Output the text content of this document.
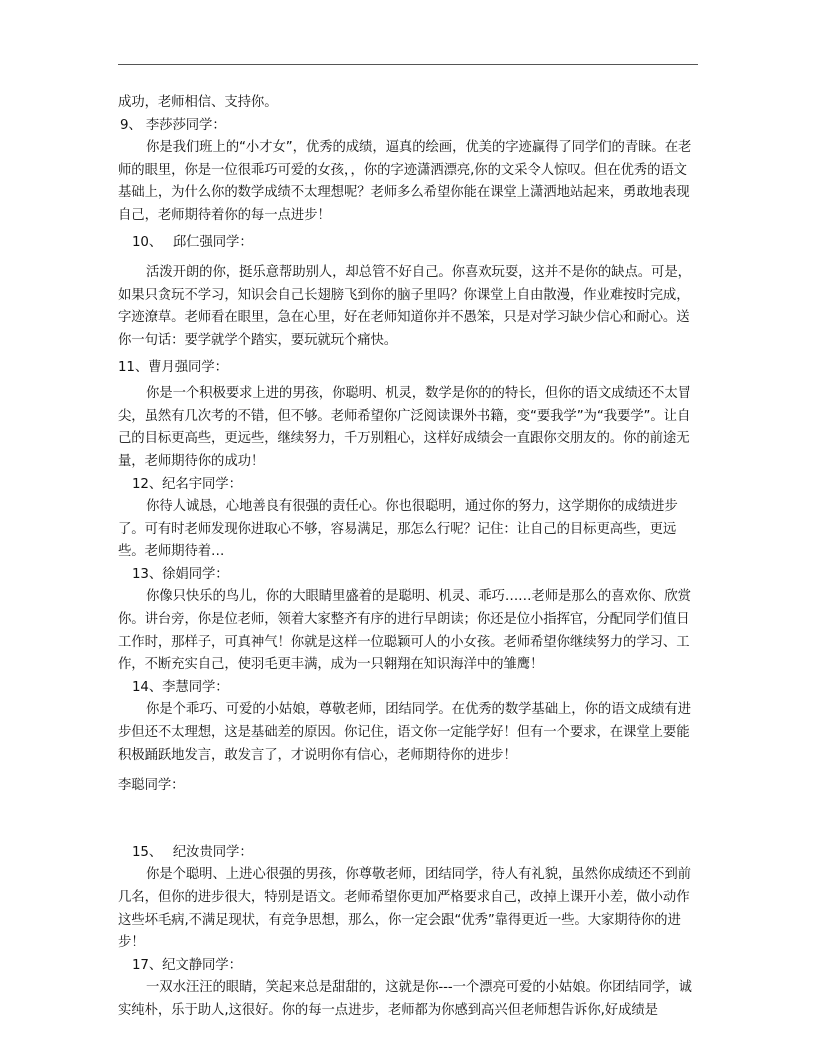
成功，老师相信、支持你。

9、 李莎莎同学：

你是我们班上的“小才女”，优秀的成绩，逼真的绘画，优美的字迹赢得了同学们的青睐。在老师的眼里，你是一位很乖巧可爱的女孩，，你的字迹潇洒漂亮,你的文采令人惊叹。但在优秀的语文基础上，为什么你的数学成绩不太理想呢？老师多么希望你能在课堂上潇洒地站起来，勇敢地表现自己，老师期待着你的每一点进步！

10、　 邱仁强同学：

活泼开朗的你，挺乐意帮助别人，却总管不好自己。你喜欢玩耍，这并不是你的缺点。可是，如果只贪玩不学习，知识会自己长翅膀飞到你的脑子里吗？你课堂上自由散漫，作业难按时完成，字迹潦草。老师看在眼里，急在心里，好在老师知道你并不愚笨，只是对学习缺少信心和耐心。送你一句话：要学就学个踏实，要玩就玩个痛快。

11、曹月强同学：

你是一个积极要求上进的男孩，你聪明、机灵，数学是你的的特长，但你的语文成绩还不太冒尖，虽然有几次考的不错，但不够。老师希望你广泛阅读课外书籍，变“要我学”为“我要学”。让自己的目标更高些，更远些，继续努力，千万别粗心，这样好成绩会一直跟你交朋友的。你的前途无量，老师期待你的成功！

12、纪名宇同学：

你待人诚恳，心地善良有很强的责任心。你也很聪明，通过你的努力，这学期你的成绩进步了。可有时老师发现你进取心不够，容易满足，那怎么行呢？记住：让自己的目标更高些，更远些。老师期待着…

13、徐娟同学：

你像只快乐的鸟儿，你的大眼睛里盛着的是聪明、机灵、乖巧……老师是那么的喜欢你、欣赏你。讲台旁，你是位老师，领着大家整齐有序的进行早朗读；你还是位小指挥官，分配同学们值日工作时，那样子，可真神气！你就是这样一位聪颖可人的小女孩。老师希望你继续努力的学习、工作，不断充实自己，使羽毛更丰满，成为一只翱翔在知识海洋中的雏鹰！

14、李慧同学：

你是个乖巧、可爱的小姑娘，尊敬老师，团结同学。在优秀的数学基础上，你的语文成绩有进步但还不太理想，这是基础差的原因。你记住，语文你一定能学好！但有一个要求，在课堂上要能积极踊跃地发言，敢发言了，才说明你有信心，老师期待你的进步！

李聪同学：

15、　 纪汝贵同学：

你是个聪明、上进心很强的男孩，你尊敬老师，团结同学，待人有礼貌，虽然你成绩还不到前几名，但你的进步很大，特别是语文。老师希望你更加严格要求自己，改掉上课开小差，做小动作这些坏毛病,不满足现状，有竞争思想，那么，你一定会跟“优秀”靠得更近一些。大家期待你的进步！

17、纪文静同学：

一双水汪汪的眼睛，笑起来总是甜甜的，这就是你---一个漂亮可爱的小姑娘。你团结同学，诚实纯朴，乐于助人,这很好。你的每一点进步，老师都为你感到高兴但老师想告诉你,好成绩是
